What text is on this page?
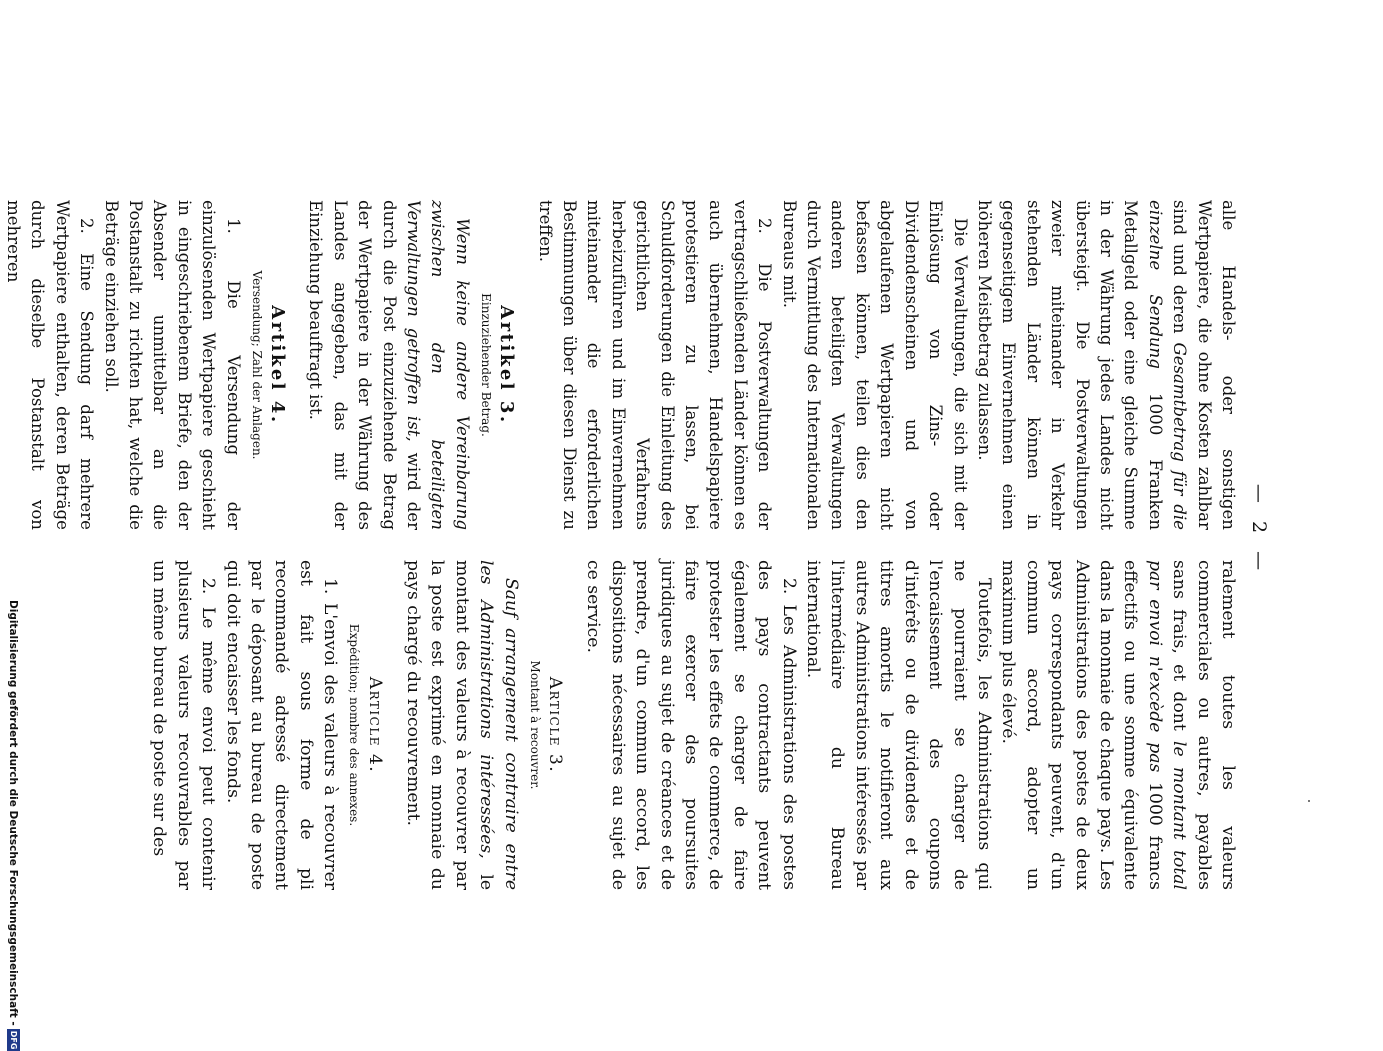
— 2 —

alle Handels- oder sonstigen Wertpapiere, die ohne Kosten zahlbar sind und deren Gesamtbetrag für die einzelne Sendung 1000 Franken Metallgeld oder eine gleiche Summe in der Währung jedes Landes nicht übersteigt. Die Postverwaltungen zweier miteinander in Verkehr stehenden Länder können in gegenseitigem Einvernehmen einen höheren Meistbetrag zulassen.

Die Verwaltungen, die sich mit der Einlösung von Zins- oder Dividendenscheinen und von abgelaufenen Wertpapieren nicht befassen können, teilen dies den anderen beteiligten Verwaltungen durch Vermittlung des Internationalen Bureaus mit.

2. Die Postverwaltungen der vertragschließenden Länder können es auch übernehmen, Handelspapiere protestieren zu lassen, bei Schuldforderungen die Einleitung des gerichtlichen Verfahrens herbeizuführen und im Einvernehmen miteinander die erforderlichen Bestimmungen über diesen Dienst zu treffen.

Artikel 3.
Einzuziehender Betrag.

Wenn keine andere Vereinbarung zwischen den beteiligten Verwaltungen getroffen ist, wird der durch die Post einzuziehende Betrag der Wertpapiere in der Währung des Landes angegeben, das mit der Einziehung beauftragt ist.

Artikel 4.
Versendung; Zahl der Anlagen.

1. Die Versendung der einzulösenden Wertpapiere geschieht in eingeschriebenem Briefe, den der Absender unmittelbar an die Postanstalt zu richten hat, welche die Beträge einziehen soll.

2. Eine Sendung darf mehrere Wertpapiere enthalten, deren Beträge durch dieselbe Postanstalt von mehreren

ralement toutes les valeurs commerciales ou autres, payables sans frais, et dont le montant total par envoi n'excède pas 1000 francs effectifs ou une somme équivalente dans la monnaie de chaque pays. Les Administrations des postes de deux pays correspondants peuvent, d'un commun accord, adopter un maximum plus élevé.

Toutefois, les Administrations qui ne pourraient se charger de l'encaissement des coupons d'intérêts ou de dividendes et de titres amortis le notifieront aux autres Administrations intéressés par l'intermédiaire du Bureau international.

2. Les Administrations des postes des pays contractants peuvent également se charger de faire protester les effets de commerce, de faire exercer des poursuites juridiques au sujet de créances et de prendre, d'un commun accord, les dispositions nécessaires au sujet de ce service.

Article 3.
Montant à recouvrer.

Sauf arrangement contraire entre les Administrations intéressées, le montant des valeurs à recouvrer par la poste est exprimé en monnaie du pays chargé du recouvrement.

Article 4.
Expédition; nombre des annexes.

1. L'envoi des valeurs à recouvrer est fait sous forme de pli recommandé adressé directement par le déposant au bureau de poste qui doit encaisser les fonds.

2. Le même envoi peut contenir plusieurs valeurs recouvrables par un même bureau de poste sur des

Digitalisierung gefördert durch die Deutsche Forschungsgemeinschaft -
DFG
